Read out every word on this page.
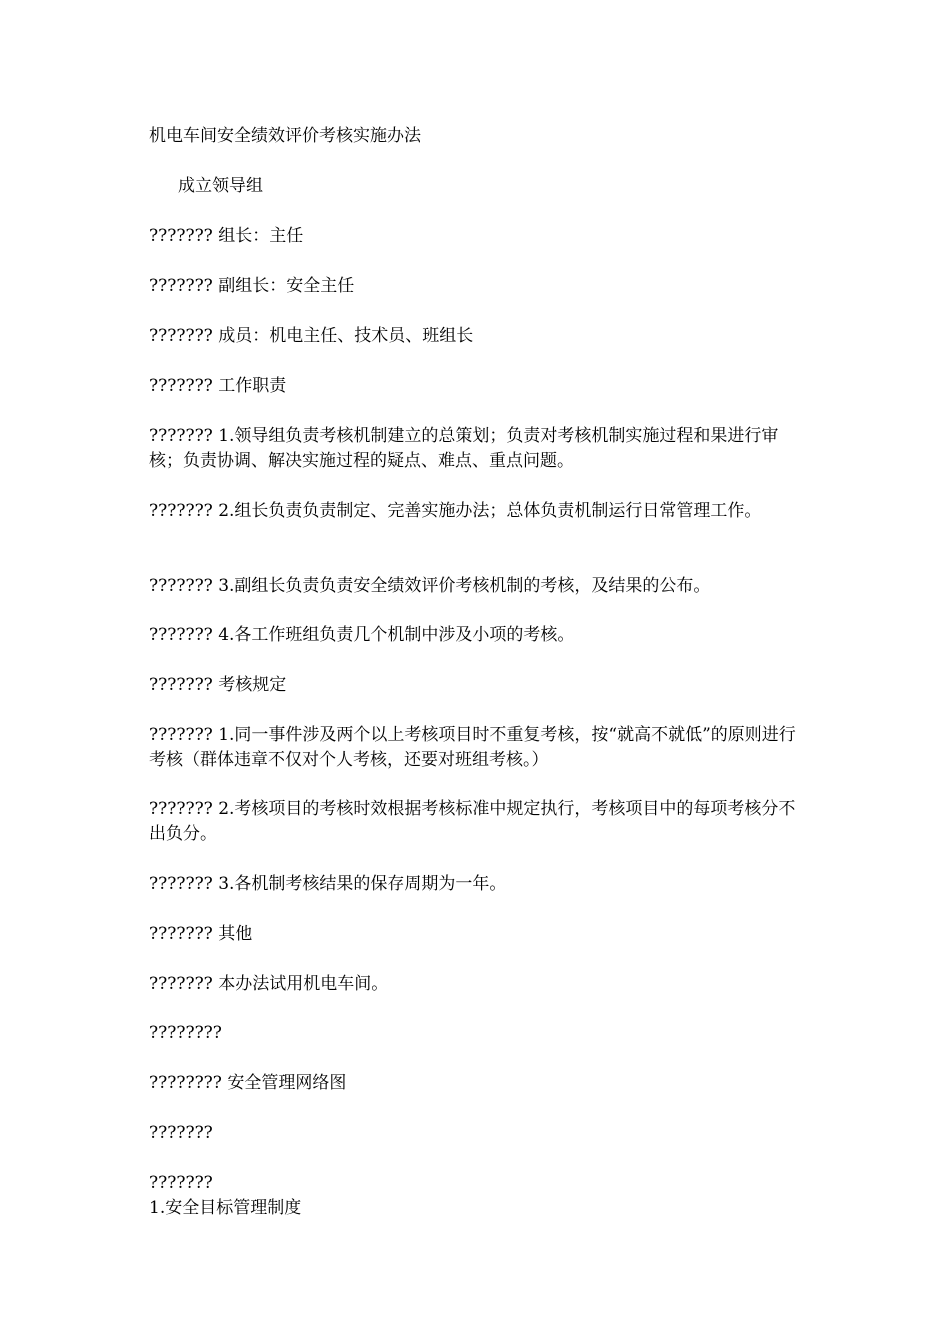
机电车间安全绩效评价考核实施办法

成立领导组

??????? 组长：主任

??????? 副组长：安全主任

??????? 成员：机电主任、技术员、班组长

??????? 工作职责

??????? 1.领导组负责考核机制建立的总策划；负责对考核机制实施过程和果进行审核；负责协调、解决实施过程的疑点、难点、重点问题。

??????? 2.组长负责负责制定、完善实施办法；总体负责机制运行日常管理工作。

??????? 3.副组长负责负责安全绩效评价考核机制的考核，及结果的公布。

??????? 4.各工作班组负责几个机制中涉及小项的考核。

??????? 考核规定

??????? 1.同一事件涉及两个以上考核项目时不重复考核，按“就高不就低”的原则进行考核（群体违章不仅对个人考核，还要对班组考核。）

??????? 2.考核项目的考核时效根据考核标准中规定执行，考核项目中的每项考核分不出负分。

??????? 3.各机制考核结果的保存周期为一年。

??????? 其他

??????? 本办法试用机电车间。

????????

???????? 安全管理网络图

???????

???????

1.安全目标管理制度
